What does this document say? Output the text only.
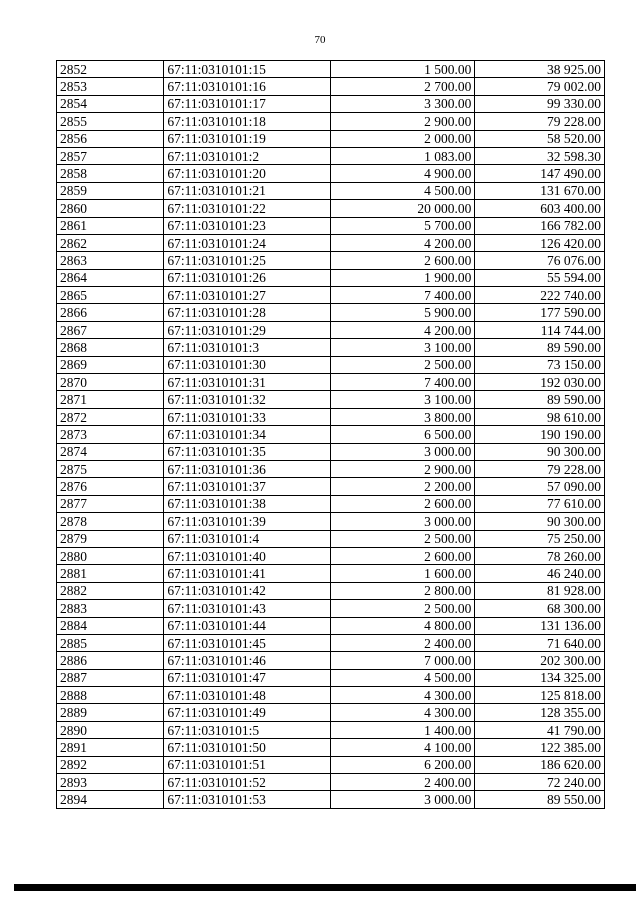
70
2852	67:11:0310101:15	1 500.00	38 925.00
2853	67:11:0310101:16	2 700.00	79 002.00
2854	67:11:0310101:17	3 300.00	99 330.00
2855	67:11:0310101:18	2 900.00	79 228.00
2856	67:11:0310101:19	2 000.00	58 520.00
2857	67:11:0310101:2	1 083.00	32 598.30
2858	67:11:0310101:20	4 900.00	147 490.00
2859	67:11:0310101:21	4 500.00	131 670.00
2860	67:11:0310101:22	20 000.00	603 400.00
2861	67:11:0310101:23	5 700.00	166 782.00
2862	67:11:0310101:24	4 200.00	126 420.00
2863	67:11:0310101:25	2 600.00	76 076.00
2864	67:11:0310101:26	1 900.00	55 594.00
2865	67:11:0310101:27	7 400.00	222 740.00
2866	67:11:0310101:28	5 900.00	177 590.00
2867	67:11:0310101:29	4 200.00	114 744.00
2868	67:11:0310101:3	3 100.00	89 590.00
2869	67:11:0310101:30	2 500.00	73 150.00
2870	67:11:0310101:31	7 400.00	192 030.00
2871	67:11:0310101:32	3 100.00	89 590.00
2872	67:11:0310101:33	3 800.00	98 610.00
2873	67:11:0310101:34	6 500.00	190 190.00
2874	67:11:0310101:35	3 000.00	90 300.00
2875	67:11:0310101:36	2 900.00	79 228.00
2876	67:11:0310101:37	2 200.00	57 090.00
2877	67:11:0310101:38	2 600.00	77 610.00
2878	67:11:0310101:39	3 000.00	90 300.00
2879	67:11:0310101:4	2 500.00	75 250.00
2880	67:11:0310101:40	2 600.00	78 260.00
2881	67:11:0310101:41	1 600.00	46 240.00
2882	67:11:0310101:42	2 800.00	81 928.00
2883	67:11:0310101:43	2 500.00	68 300.00
2884	67:11:0310101:44	4 800.00	131 136.00
2885	67:11:0310101:45	2 400.00	71 640.00
2886	67:11:0310101:46	7 000.00	202 300.00
2887	67:11:0310101:47	4 500.00	134 325.00
2888	67:11:0310101:48	4 300.00	125 818.00
2889	67:11:0310101:49	4 300.00	128 355.00
2890	67:11:0310101:5	1 400.00	41 790.00
2891	67:11:0310101:50	4 100.00	122 385.00
2892	67:11:0310101:51	6 200.00	186 620.00
2893	67:11:0310101:52	2 400.00	72 240.00
2894	67:11:0310101:53	3 000.00	89 550.00
